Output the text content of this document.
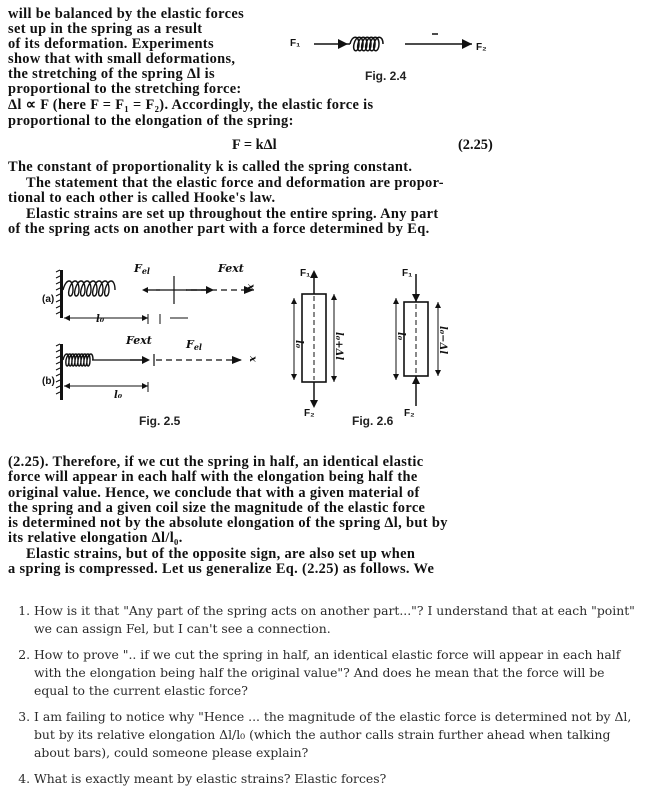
will be balanced by the elastic forces
set up in the spring as a result
of its deformation. Experiments
show that with small deformations,
the stretching of the spring Δl is
proportional to the stretching force:
Δl ∝ F (here F = F₁ = F₂). Accordingly, the elastic force is
proportional to the elongation of the spring:
F = kΔl	(2.25)
The constant of proportionality k is called the spring constant.
The statement that the elastic force and deformation are propor-
tional to each other is called Hooke's law.
Elastic strains are set up throughout the entire spring. Any part
of the spring acts on another part with a force determined by Eq.
F₁	F₂
Fig. 2.4
Fel	Fext
x
(a)
l₀
Fext	Fel
x
(b)
l₀
Fig. 2.5
F₁
F₂
l₀	l₀+Δl
F₁
F₂
l₀	l₀−Δl
Fig. 2.6
(2.25). Therefore, if we cut the spring in half, an identical elastic
force will appear in each half with the elongation being half the
original value. Hence, we conclude that with a given material of
the spring and a given coil size the magnitude of the elastic force
is determined not by the absolute elongation of the spring Δl, but by
its relative elongation Δl/l₀.
Elastic strains, but of the opposite sign, are also set up when
a spring is compressed. Let us generalize Eq. (2.25) as follows. We
1. How is it that "Any part of the spring acts on another part..."? I understand that at each "point" we can assign Fel, but I can't see a connection.
2. How to prove ".. if we cut the spring in half, an identical elastic force will appear in each half with the elongation being half the original value"? And does he mean that the force will be equal to the current elastic force?
3. I am failing to notice why "Hence ... the magnitude of the elastic force is determined not by Δl, but by its relative elongation Δl/l₀ (which the author calls strain further ahead when talking about bars), could someone please explain?
4. What is exactly meant by elastic strains? Elastic forces?
